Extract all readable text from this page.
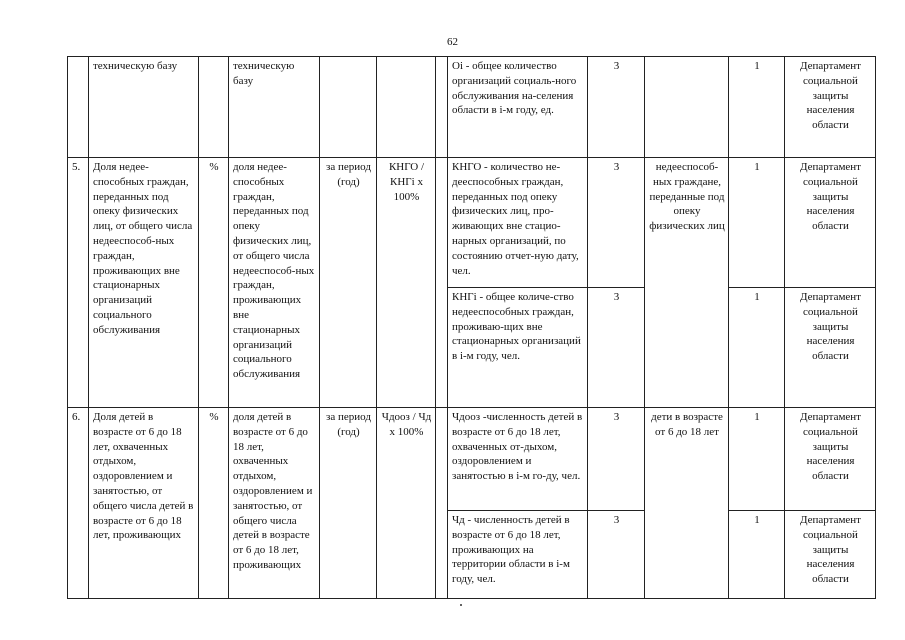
62
	техническую базу		техническую базу				Oi - общее количество организаций социаль-ного обслуживания на-селения области в i-м году, ед.	3		1	Департамент социальной защиты населения области
5.	Доля недее-способных граждан, переданных под опеку физических лиц, от общего числа недееспособ-ных граждан, проживающих вне стационарных организаций социального обслуживания	%	доля недее-способных граждан, переданных под опеку физических лиц, от общего числа недееспособ-ных граждан, проживающих вне стационарных организаций социального обслуживания	за период (год)	КНГО / КНГi x 100%		КНГО - количество не-дееспособных граждан, переданных под опеку физических лиц, про-живающих вне стацио-нарных организаций, по состоянию отчет-ную дату, чел.	3	недееспособ-ных граждане, переданные под опеку физических лиц	1	Департамент социальной защиты населения области
							КНГi - общее количе-ство недееспособных граждан, проживаю-щих вне стационарных организаций в i-м году, чел.	3		1	Департамент социальной защиты населения области
6.	Доля детей в возрасте от 6 до 18 лет, охваченных отдыхом, оздоровлением и занятостью, от общего числа детей в возрасте от 6 до 18 лет, проживающих	%	доля детей в возрасте от 6 до 18 лет, охваченных отдыхом, оздоровлением и занятостью, от общего числа детей в возрасте от 6 до 18 лет, проживающих	за период (год)	Чдооз / Чд x 100%		Чдооз -численность детей в возрасте от 6 до 18 лет, охваченных от-дыхом, оздоровлением и занятостью в i-м го-ду, чел.	3	дети в возрасте от 6 до 18 лет	1	Департамент социальной защиты населения области
							Чд - численность детей в возрасте от 6 до 18 лет, проживающих на территории области в i-м году, чел.	3		1	Департамент социальной защиты населения области
